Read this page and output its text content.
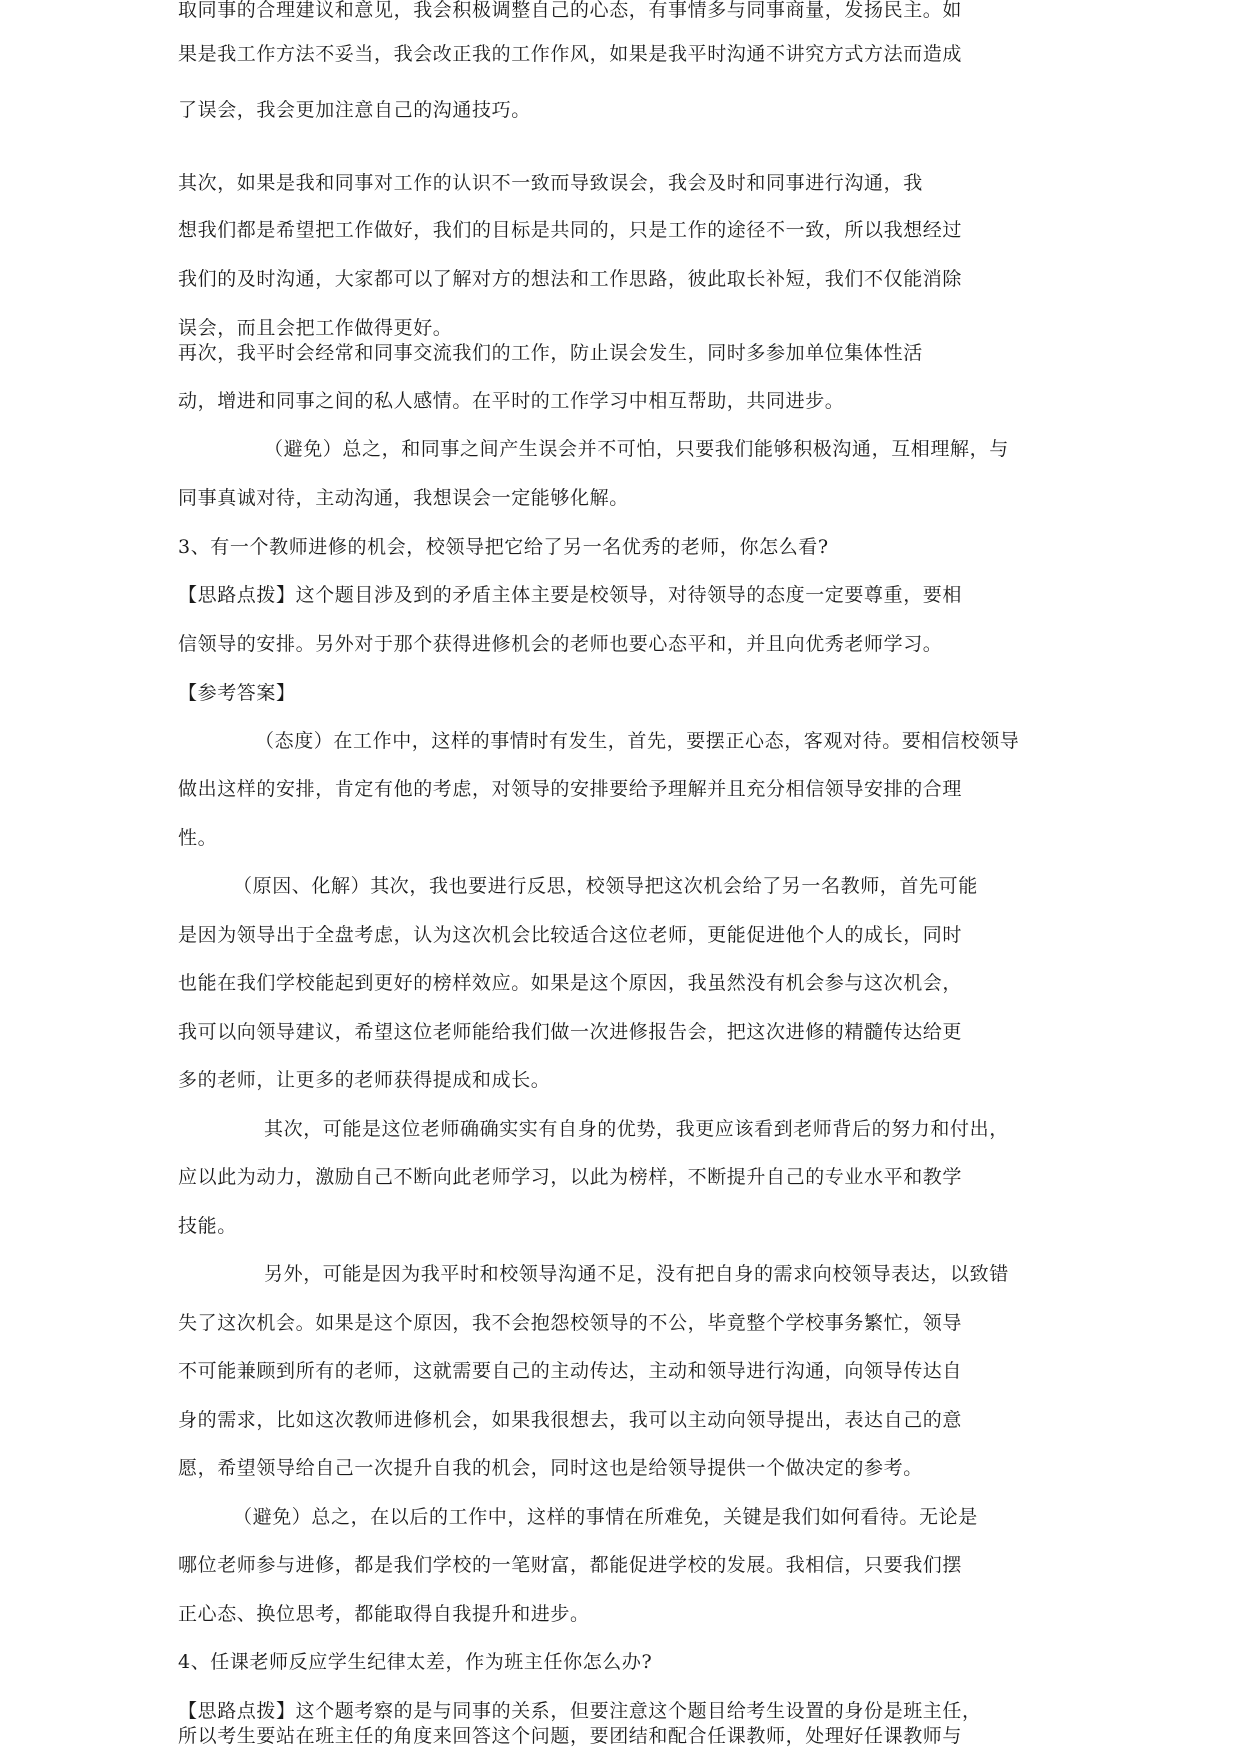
取同事的合理建议和意见，我会积极调整自己的心态，有事情多与同事商量，发扬民主。如
果是我工作方法不妥当，我会改正我的工作作风，如果是我平时沟通不讲究方式方法而造成
了误会，我会更加注意自己的沟通技巧。
其次，如果是我和同事对工作的认识不一致而导致误会，我会及时和同事进行沟通，我
想我们都是希望把工作做好，我们的目标是共同的，只是工作的途径不一致，所以我想经过
我们的及时沟通，大家都可以了解对方的想法和工作思路，彼此取长补短，我们不仅能消除
误会，而且会把工作做得更好。
再次，我平时会经常和同事交流我们的工作，防止误会发生，同时多参加单位集体性活
动，增进和同事之间的私人感情。在平时的工作学习中相互帮助，共同进步。
（避免）总之，和同事之间产生误会并不可怕，只要我们能够积极沟通，互相理解，与
同事真诚对待，主动沟通，我想误会一定能够化解。
3、有一个教师进修的机会，校领导把它给了另一名优秀的老师，你怎么看?
【思路点拨】这个题目涉及到的矛盾主体主要是校领导，对待领导的态度一定要尊重，要相
信领导的安排。另外对于那个获得进修机会的老师也要心态平和，并且向优秀老师学习。
【参考答案】
（态度）在工作中，这样的事情时有发生，首先，要摆正心态，客观对待。要相信校领导
做出这样的安排，肯定有他的考虑，对领导的安排要给予理解并且充分相信领导安排的合理
性。
（原因、化解）其次，我也要进行反思，校领导把这次机会给了另一名教师，首先可能
是因为领导出于全盘考虑，认为这次机会比较适合这位老师，更能促进他个人的成长，同时
也能在我们学校能起到更好的榜样效应。如果是这个原因，我虽然没有机会参与这次机会，
我可以向领导建议，希望这位老师能给我们做一次进修报告会，把这次进修的精髓传达给更
多的老师，让更多的老师获得提成和成长。
其次，可能是这位老师确确实实有自身的优势，我更应该看到老师背后的努力和付出，
应以此为动力，激励自己不断向此老师学习，以此为榜样，不断提升自己的专业水平和教学
技能。
另外，可能是因为我平时和校领导沟通不足，没有把自身的需求向校领导表达，以致错
失了这次机会。如果是这个原因，我不会抱怨校领导的不公，毕竟整个学校事务繁忙，领导
不可能兼顾到所有的老师，这就需要自己的主动传达，主动和领导进行沟通，向领导传达自
身的需求，比如这次教师进修机会，如果我很想去，我可以主动向领导提出，表达自己的意
愿，希望领导给自己一次提升自我的机会，同时这也是给领导提供一个做决定的参考。
（避免）总之，在以后的工作中，这样的事情在所难免，关键是我们如何看待。无论是
哪位老师参与进修，都是我们学校的一笔财富，都能促进学校的发展。我相信，只要我们摆
正心态、换位思考，都能取得自我提升和进步。
4、任课老师反应学生纪律太差，作为班主任你怎么办?
【思路点拨】这个题考察的是与同事的关系，但要注意这个题目给考生设置的身份是班主任，
所以考生要站在班主任的角度来回答这个问题，要团结和配合任课教师，处理好任课教师与
